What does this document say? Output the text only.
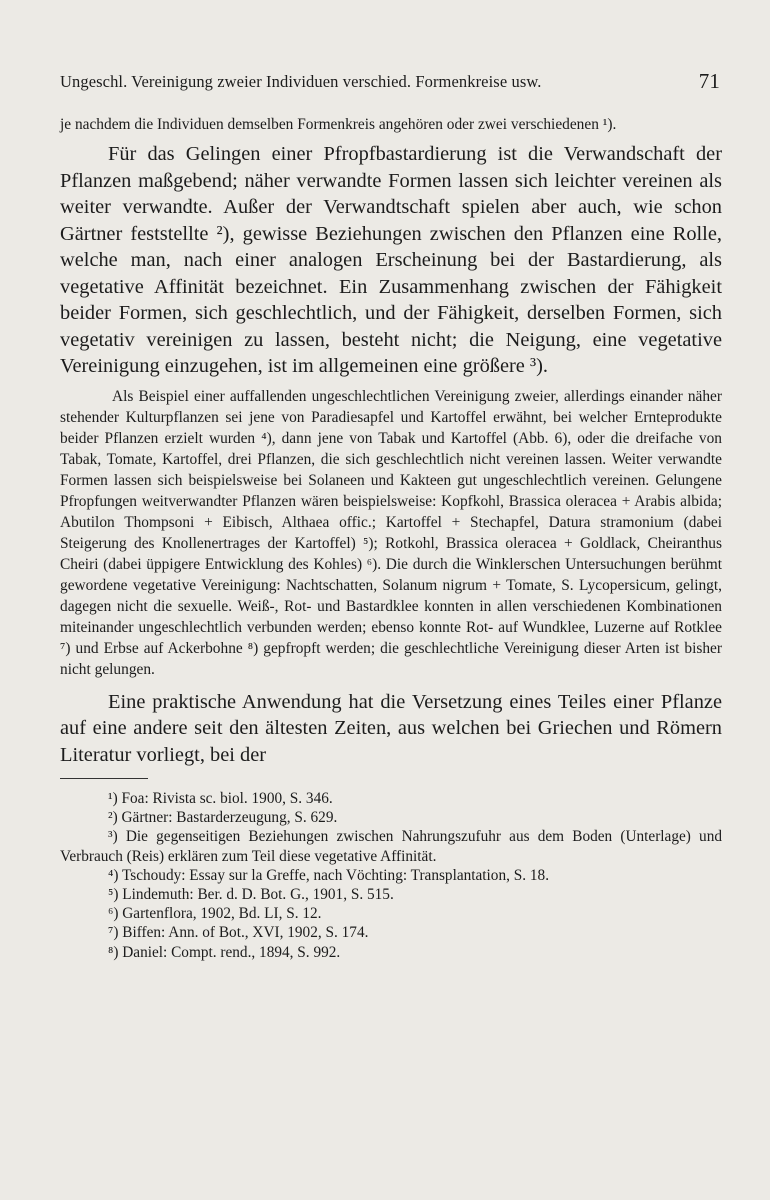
Ungeschl. Vereinigung zweier Individuen verschied. Formenkreise usw.	71

je nachdem die Individuen demselben Formenkreis angehören oder zwei verschiedenen ¹).

Für das Gelingen einer Pfropfbastardierung ist die Verwandschaft der Pflanzen maßgebend; näher verwandte Formen lassen sich leichter vereinen als weiter verwandte. Außer der Verwandtschaft spielen aber auch, wie schon Gärtner feststellte ²), gewisse Beziehungen zwischen den Pflanzen eine Rolle, welche man, nach einer analogen Erscheinung bei der Bastardierung, als vegetative Affinität bezeichnet. Ein Zusammenhang zwischen der Fähigkeit beider Formen, sich geschlechtlich, und der Fähigkeit, derselben Formen, sich vegetativ vereinigen zu lassen, besteht nicht; die Neigung, eine vegetative Vereinigung einzugehen, ist im allgemeinen eine größere ³).

Als Beispiel einer auffallenden ungeschlechtlichen Vereinigung zweier, allerdings einander näher stehender Kulturpflanzen sei jene von Paradiesapfel und Kartoffel erwähnt, bei welcher Ernteprodukte beider Pflanzen erzielt wurden ⁴), dann jene von Tabak und Kartoffel (Abb. 6), oder die dreifache von Tabak, Tomate, Kartoffel, drei Pflanzen, die sich geschlechtlich nicht vereinen lassen. Weiter verwandte Formen lassen sich beispielsweise bei Solaneen und Kakteen gut ungeschlechtlich vereinen. Gelungene Pfropfungen weitverwandter Pflanzen wären beispielsweise: Kopfkohl, Brassica oleracea + Arabis albida; Abutilon Thompsoni + Eibisch, Althaea offic.; Kartoffel + Stechapfel, Datura stramonium (dabei Steigerung des Knollenertrages der Kartoffel) ⁵); Rotkohl, Brassica oleracea + Goldlack, Cheiranthus Cheiri (dabei üppigere Entwicklung des Kohles) ⁶). Die durch die Winklerschen Untersuchungen berühmt gewordene vegetative Vereinigung: Nachtschatten, Solanum nigrum + Tomate, S. Lycopersicum, gelingt, dagegen nicht die sexuelle. Weiß-, Rot- und Bastardklee konnten in allen verschiedenen Kombinationen miteinander ungeschlechtlich verbunden werden; ebenso konnte Rot- auf Wundklee, Luzerne auf Rotklee ⁷) und Erbse auf Ackerbohne ⁸) gepfropft werden; die geschlechtliche Vereinigung dieser Arten ist bisher nicht gelungen.

Eine praktische Anwendung hat die Versetzung eines Teiles einer Pflanze auf eine andere seit den ältesten Zeiten, aus welchen bei Griechen und Römern Literatur vorliegt, bei der

¹) Foa: Rivista sc. biol. 1900, S. 346.

²) Gärtner: Bastarderzeugung, S. 629.

³) Die gegenseitigen Beziehungen zwischen Nahrungszufuhr aus dem Boden (Unterlage) und Verbrauch (Reis) erklären zum Teil diese vegetative Affinität.

⁴) Tschoudy: Essay sur la Greffe, nach Vöchting: Transplantation, S. 18.

⁵) Lindemuth: Ber. d. D. Bot. G., 1901, S. 515.

⁶) Gartenflora, 1902, Bd. LI, S. 12.

⁷) Biffen: Ann. of Bot., XVI, 1902, S. 174.

⁸) Daniel: Compt. rend., 1894, S. 992.
